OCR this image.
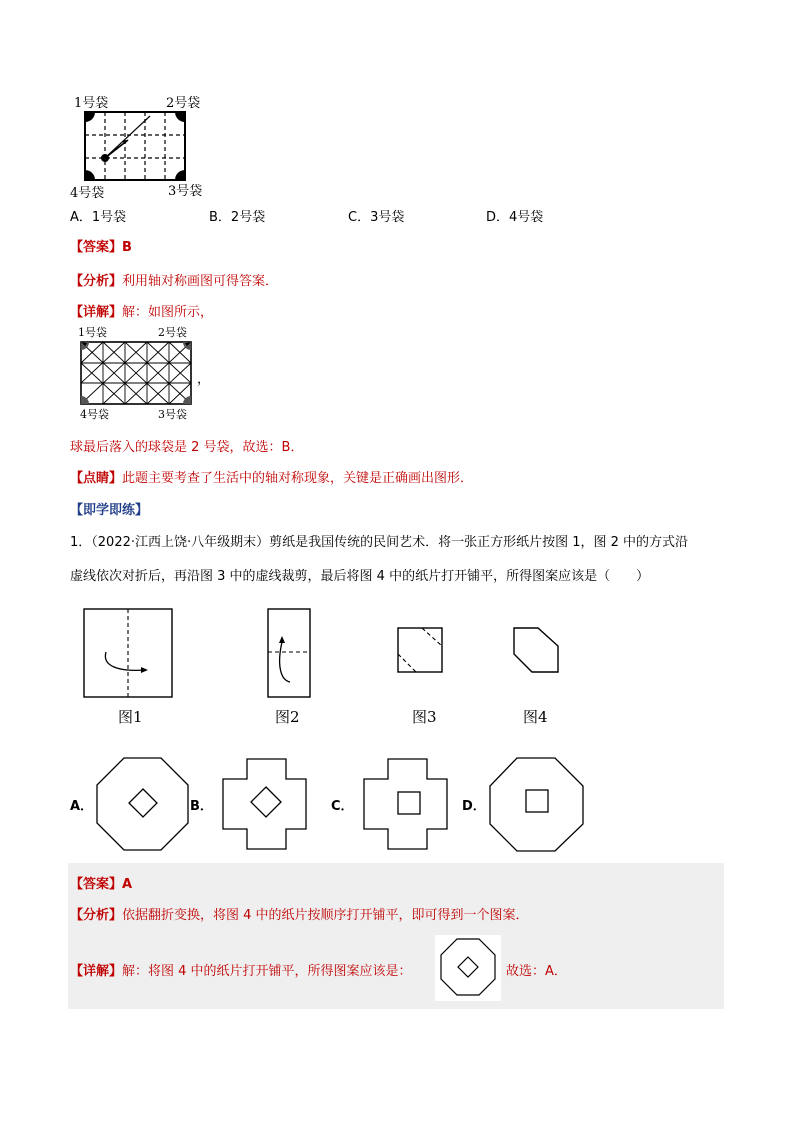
1号袋	2号袋
4号袋	3号袋
A．1号袋	B．2号袋	C．3号袋	D．4号袋
【答案】B
【分析】利用轴对称画图可得答案．
【详解】解：如图所示，
1号袋	2号袋
4号袋	3号袋
，
球最后落入的球袋是 2 号袋，故选：B．
【点睛】此题主要考查了生活中的轴对称现象，关键是正确画出图形．
【即学即练】
1．（2022·江西上饶·八年级期末）剪纸是我国传统的民间艺术．将一张正方形纸片按图 1，图 2 中的方式沿
虚线依次对折后，再沿图 3 中的虚线裁剪，最后将图 4 中的纸片打开铺平，所得图案应该是（　　）
图1	图2	图3	图4
A．	B．	C．	D．
【答案】A
【分析】依据翻折变换，将图 4 中的纸片按顺序打开铺平，即可得到一个图案．
【详解】解：将图 4 中的纸片打开铺平，所得图案应该是：	故选：A．
